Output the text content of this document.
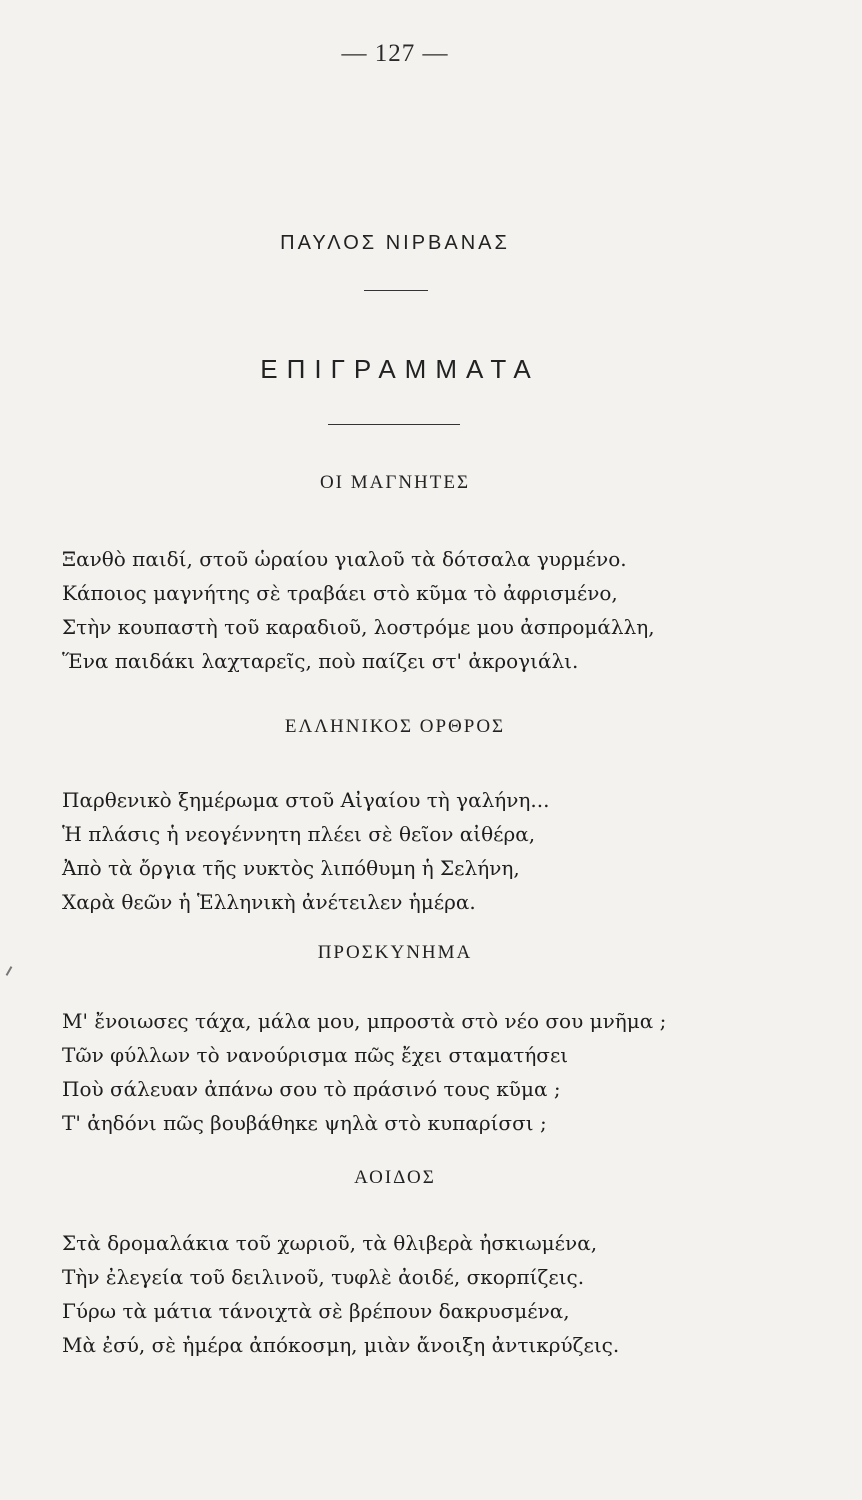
— 127 —
ΠΑΥΛΟΣ ΝΙΡΒΑΝΑΣ
ΕΠΙΓΡΑΜΜΑΤΑ
ΟΙ ΜΑΓΝΗΤΕΣ
Ξανθὸ παιδί, στοῦ ὡραίου γιαλοῦ τὰ δότσαλα γυρμένο.
Κάποιος μαγνήτης σὲ τραβάει στὸ κῦμα τὸ ἀφρισμένο,
Στὴν κουπαστὴ τοῦ καραδιοῦ, λοστρόμε μου ἀσπρομάλλη,
Ἕνα παιδάκι λαχταρεῖς, ποὺ παίζει στ' ἀκρογιάλι.
ΕΛΛΗΝΙΚΟΣ ΟΡΘΡΟΣ
Παρθενικὸ ξημέρωμα στοῦ Αἰγαίου τὴ γαλήνη...
Ἡ πλάσις ἡ νεογέννητη πλέει σὲ θεῖον αἰθέρα,
Ἀπὸ τὰ ὄργια τῆς νυκτὸς λιπόθυμη ἡ Σελήνη,
Χαρὰ θεῶν ἡ Ἑλληνικὴ ἀνέτειλεν ἡμέρα.
ΠΡΟΣΚΥΝΗΜΑ
Μ' ἔνοιωσες τάχα, μάλα μου, μπροστὰ στὸ νέο σου μνῆμα ;
Τῶν φύλλων τὸ νανούρισμα πῶς ἔχει σταματήσει
Ποὺ σάλευαν ἀπάνω σου τὸ πράσινό τους κῦμα ;
Τ' ἀηδόνι πῶς βουβάθηκε ψηλὰ στὸ κυπαρίσσι ;
ΑΟΙΔΟΣ
Στὰ δρομαλάκια τοῦ χωριοῦ, τὰ θλιβερὰ ἠσκιωμένα,
Τὴν ἐλεγεία τοῦ δειλινοῦ, τυφλὲ ἀοιδέ, σκορπίζεις.
Γύρω τὰ μάτια τάνοιχτὰ σὲ βρέπουν δακρυσμένα,
Μὰ ἐσύ, σὲ ἡμέρα ἀπόκοσμη, μιὰν ἄνοιξη ἀντικρύζεις.
